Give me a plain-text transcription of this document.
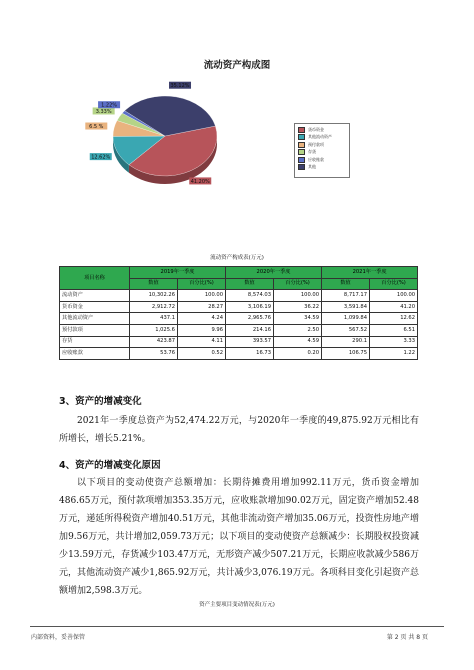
流动资产构成图
41.20%
12.62%
6.5 %
3.33%
1.22%
35.12%
货币资金
其他流动资产
预付款项
存货
应收账款
其他
流动资产构成表(万元)
项目名称	2019年一季度		2020年一季度		2021年一季度	
	数值	百分比(%)	数值	百分比(%)	数值	百分比(%)
流动资产	10,302.26	100.00	8,574.03	100.00	8,717.17	100.00
货币资金	2,912.72	28.27	3,106.19	36.22	3,591.84	41.20
其他流动资产	437.1	4.24	2,965.76	34.59	1,099.84	12.62
预付款项	1,025.6	9.96	214.16	2.50	567.52	6.51
存货	423.87	4.11	393.57	4.59	290.1	3.33
应收账款	53.76	0.52	16.73	0.20	106.75	1.22
3、资产的增减变化
2021年一季度总资产为52,474.22万元，与2020年一季度的49,875.92万元相比有所增长，增长5.21%。
4、资产的增减变化原因
以下项目的变动使资产总额增加：长期待摊费用增加992.11万元，货币资金增加486.65万元，预付款项增加353.35万元，应收账款增加90.02万元，固定资产增加52.48万元，递延所得税资产增加40.51万元，其他非流动资产增加35.06万元，投资性房地产增加9.56万元，共计增加2,059.73万元；以下项目的变动使资产总额减少：长期股权投资减少13.59万元，存货减少103.47万元，无形资产减少507.21万元，长期应收款减少586万元，其他流动资产减少1,865.92万元，共计减少3,076.19万元。各项科目变化引起资产总额增加2,598.3万元。
资产主要项目变动情况表(万元)
内部资料，妥善保管	第 2 页 共 8 页
